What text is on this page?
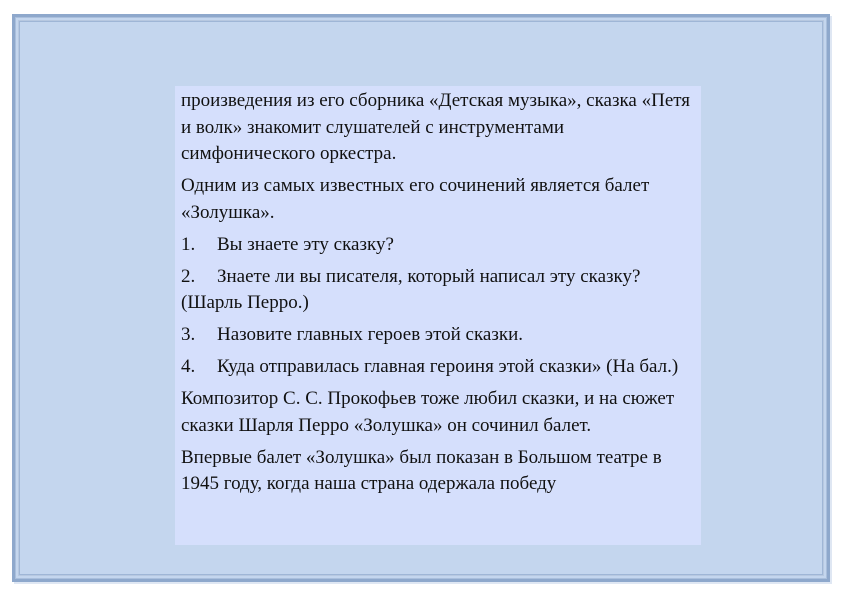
произведения из его сборника «Детская музыка», сказка «Петя и волк» знакомит слушателей с инструментами симфонического оркестра.

Одним из самых известных его сочинений является балет «Золушка».

1. Вы знаете эту сказку?

2. Знаете ли вы писателя, который написал эту сказку? (Шарль Перро.)

3. Назовите главных героев этой сказки.

4. Куда отправилась главная героиня этой сказки» (На бал.)

Композитор С. С. Прокофьев тоже любил сказки, и на сюжет сказки Шарля Перро «Золушка» он сочинил балет.

Впервые балет «Золушка» был показан в Большом театре в 1945 году, когда наша страна одержала победу
